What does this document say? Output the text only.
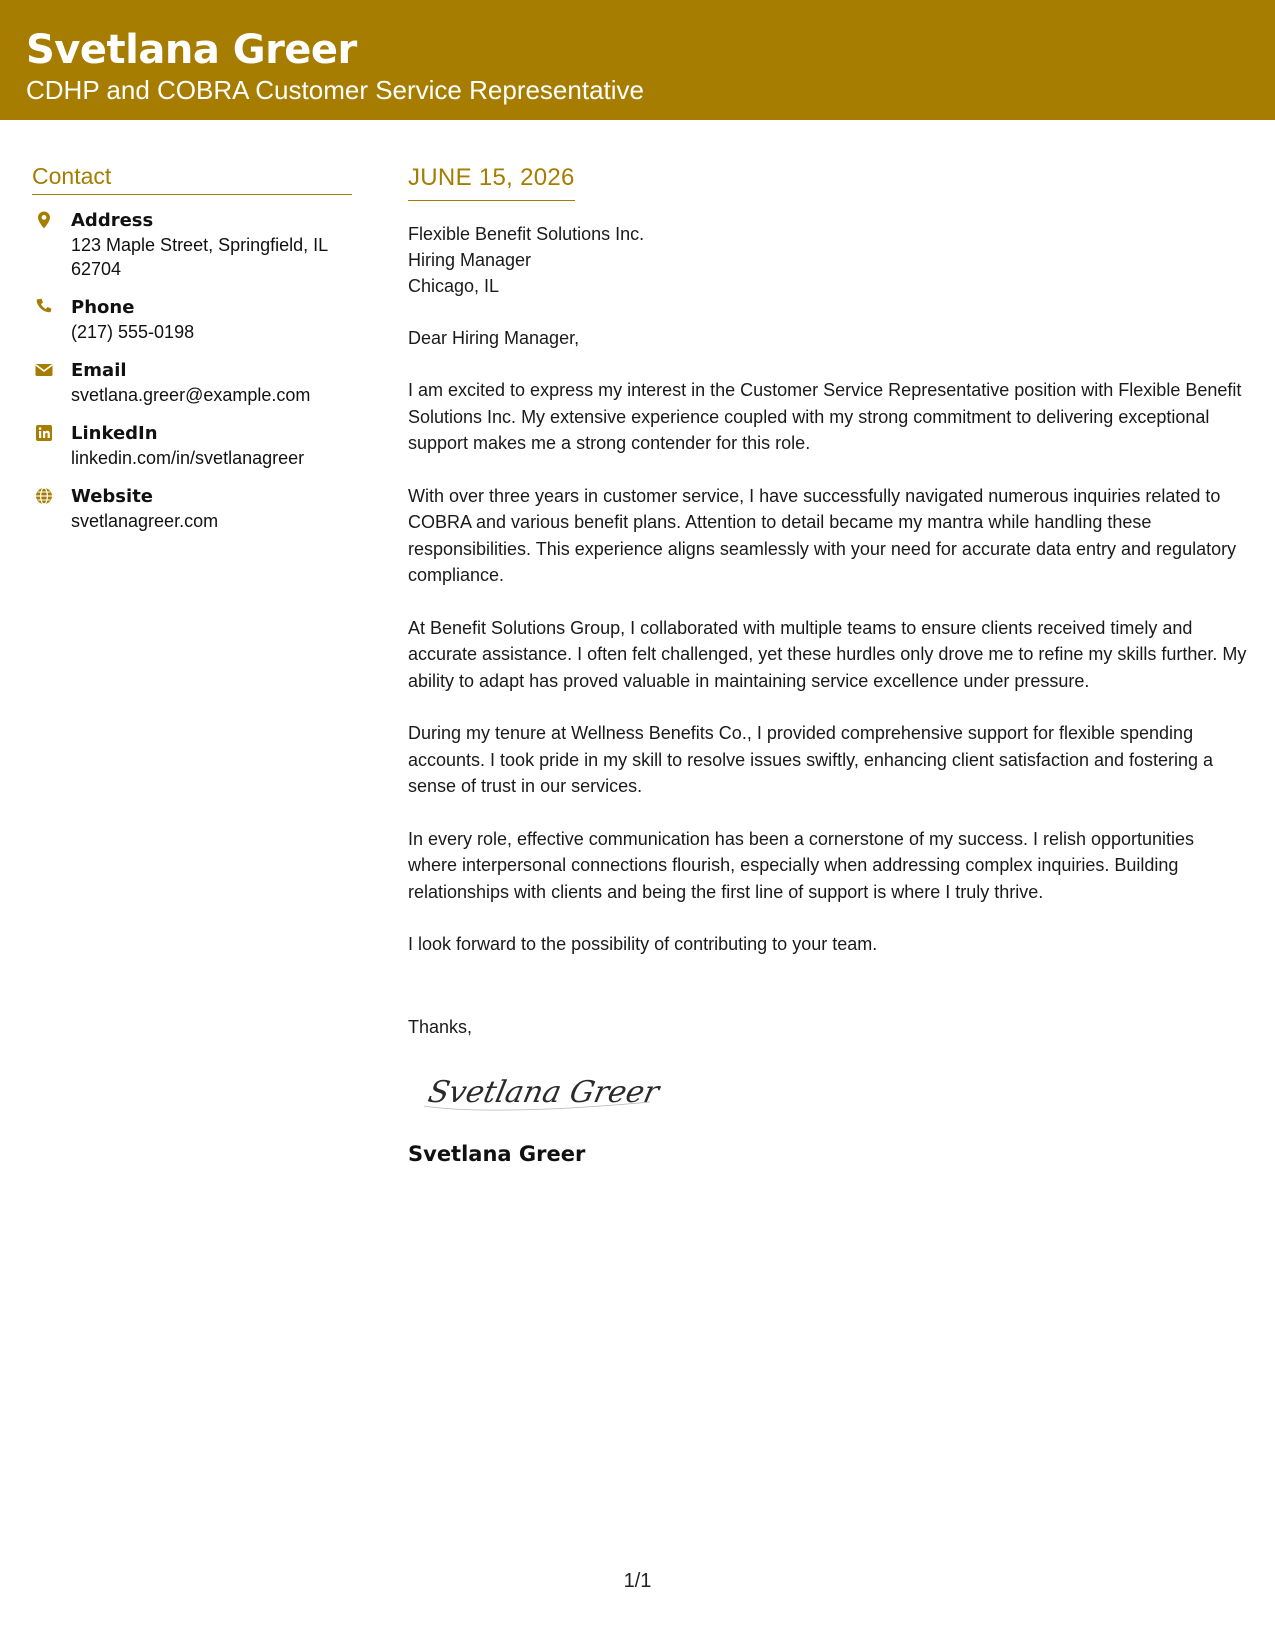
Svetlana Greer
CDHP and COBRA Customer Service Representative
Contact
Address
123 Maple Street, Springfield, IL 62704
Phone
(217) 555-0198
Email
svetlana.greer@example.com
LinkedIn
linkedin.com/in/svetlanagreer
Website
svetlanagreer.com
JUNE 15, 2026
Flexible Benefit Solutions Inc.
Hiring Manager
Chicago, IL
Dear Hiring Manager,
I am excited to express my interest in the Customer Service Representative position with Flexible Benefit Solutions Inc. My extensive experience coupled with my strong commitment to delivering exceptional support makes me a strong contender for this role.
With over three years in customer service, I have successfully navigated numerous inquiries related to COBRA and various benefit plans. Attention to detail became my mantra while handling these responsibilities. This experience aligns seamlessly with your need for accurate data entry and regulatory compliance.
At Benefit Solutions Group, I collaborated with multiple teams to ensure clients received timely and accurate assistance. I often felt challenged, yet these hurdles only drove me to refine my skills further. My ability to adapt has proved valuable in maintaining service excellence under pressure.
During my tenure at Wellness Benefits Co., I provided comprehensive support for flexible spending accounts. I took pride in my skill to resolve issues swiftly, enhancing client satisfaction and fostering a sense of trust in our services.
In every role, effective communication has been a cornerstone of my success. I relish opportunities where interpersonal connections flourish, especially when addressing complex inquiries. Building relationships with clients and being the first line of support is where I truly thrive.
I look forward to the possibility of contributing to your team.
Thanks,
Svetlana Greer
Svetlana Greer
1/1
